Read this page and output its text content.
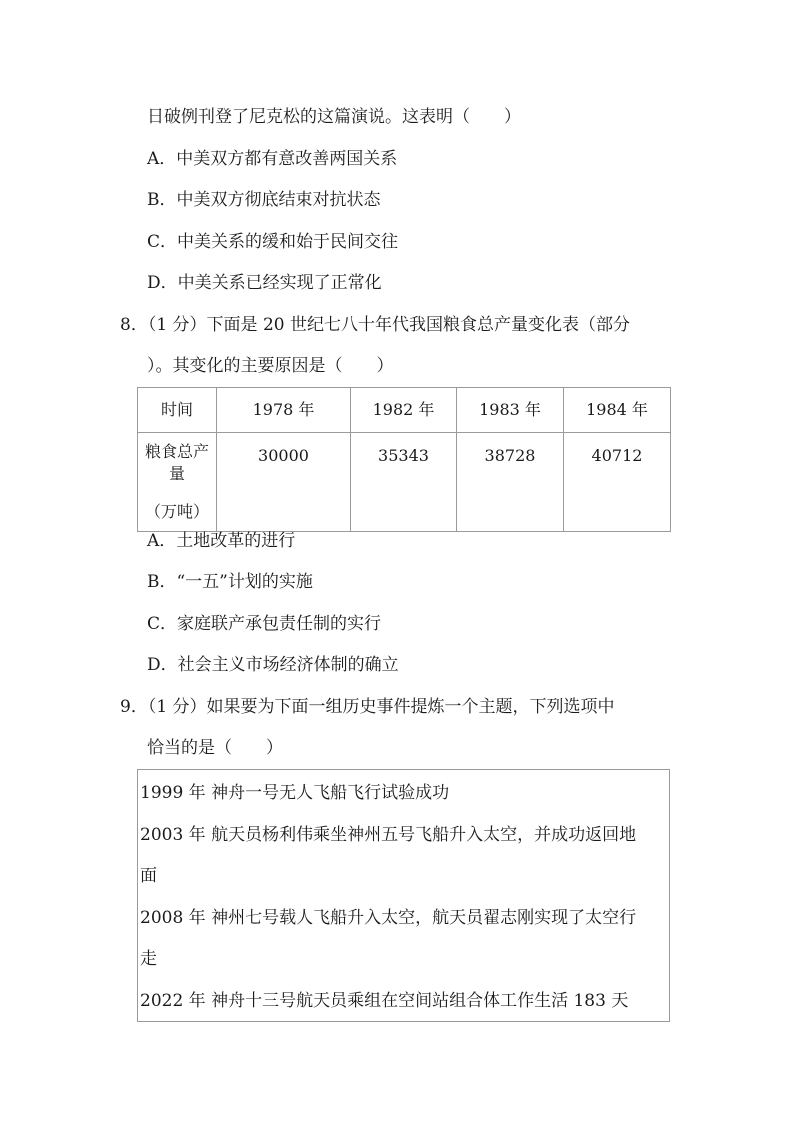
日破例刊登了尼克松的这篇演说。这表明（　　）
A．中美双方都有意改善两国关系
B．中美双方彻底结束对抗状态
C．中美关系的缓和始于民间交往
D．中美关系已经实现了正常化
8．（1 分）下面是 20 世纪七八十年代我国粮食总产量变化表（部分
）。其变化的主要原因是（　　）
时间	1978 年	1982 年	1983 年	1984 年
粮食总产量
（万吨）	30000	35343	38728	40712
A．土地改革的进行
B．“一五”计划的实施
C．家庭联产承包责任制的实行
D．社会主义市场经济体制的确立
9．（1 分）如果要为下面一组历史事件提炼一个主题，下列选项中
恰当的是（　　）
1999 年 神舟一号无人飞船飞行试验成功
2003 年 航天员杨利伟乘坐神州五号飞船升入太空，并成功返回地
面
2008 年 神州七号载人飞船升入太空，航天员翟志刚实现了太空行
走
2022 年 神舟十三号航天员乘组在空间站组合体工作生活 183 天
